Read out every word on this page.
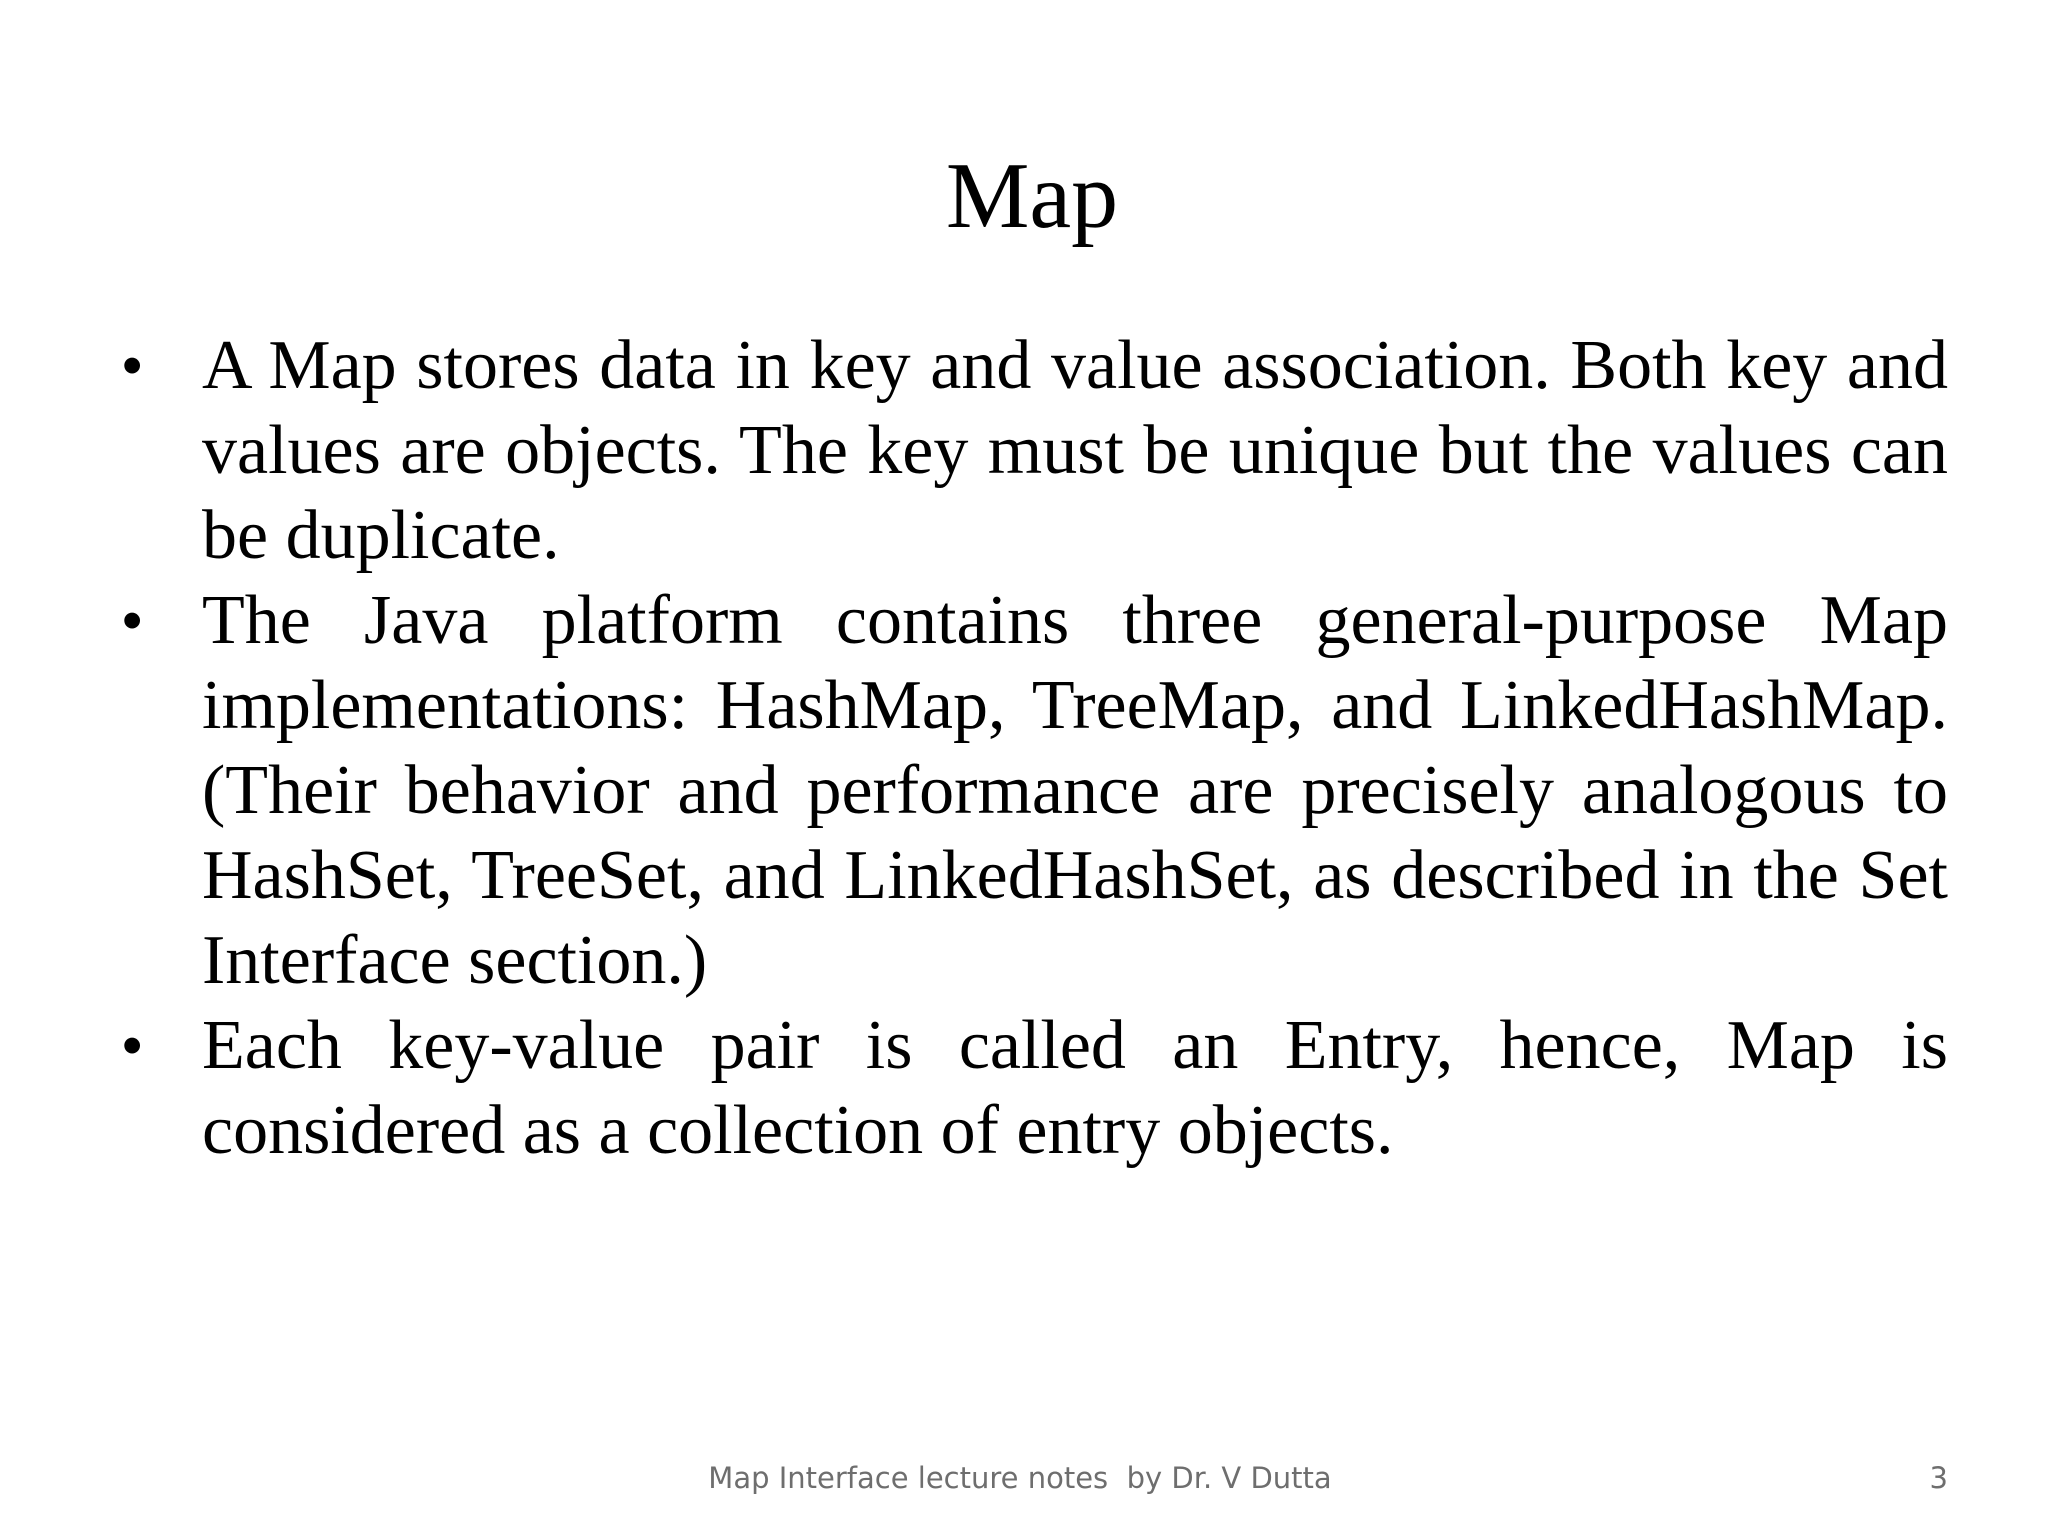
Map
• A Map stores data in key and value association. Both key and values are objects. The key must be unique but the values can be duplicate.
• The Java platform contains three general-purpose Map implementations: HashMap, TreeMap, and LinkedHashMap. (Their behavior and performance are precisely analogous to HashSet, TreeSet, and LinkedHashSet, as described in the Set Interface section.)
• Each key-value pair is called an Entry, hence, Map is considered as a collection of entry objects.
Map Interface lecture notes  by Dr. V Dutta	3
